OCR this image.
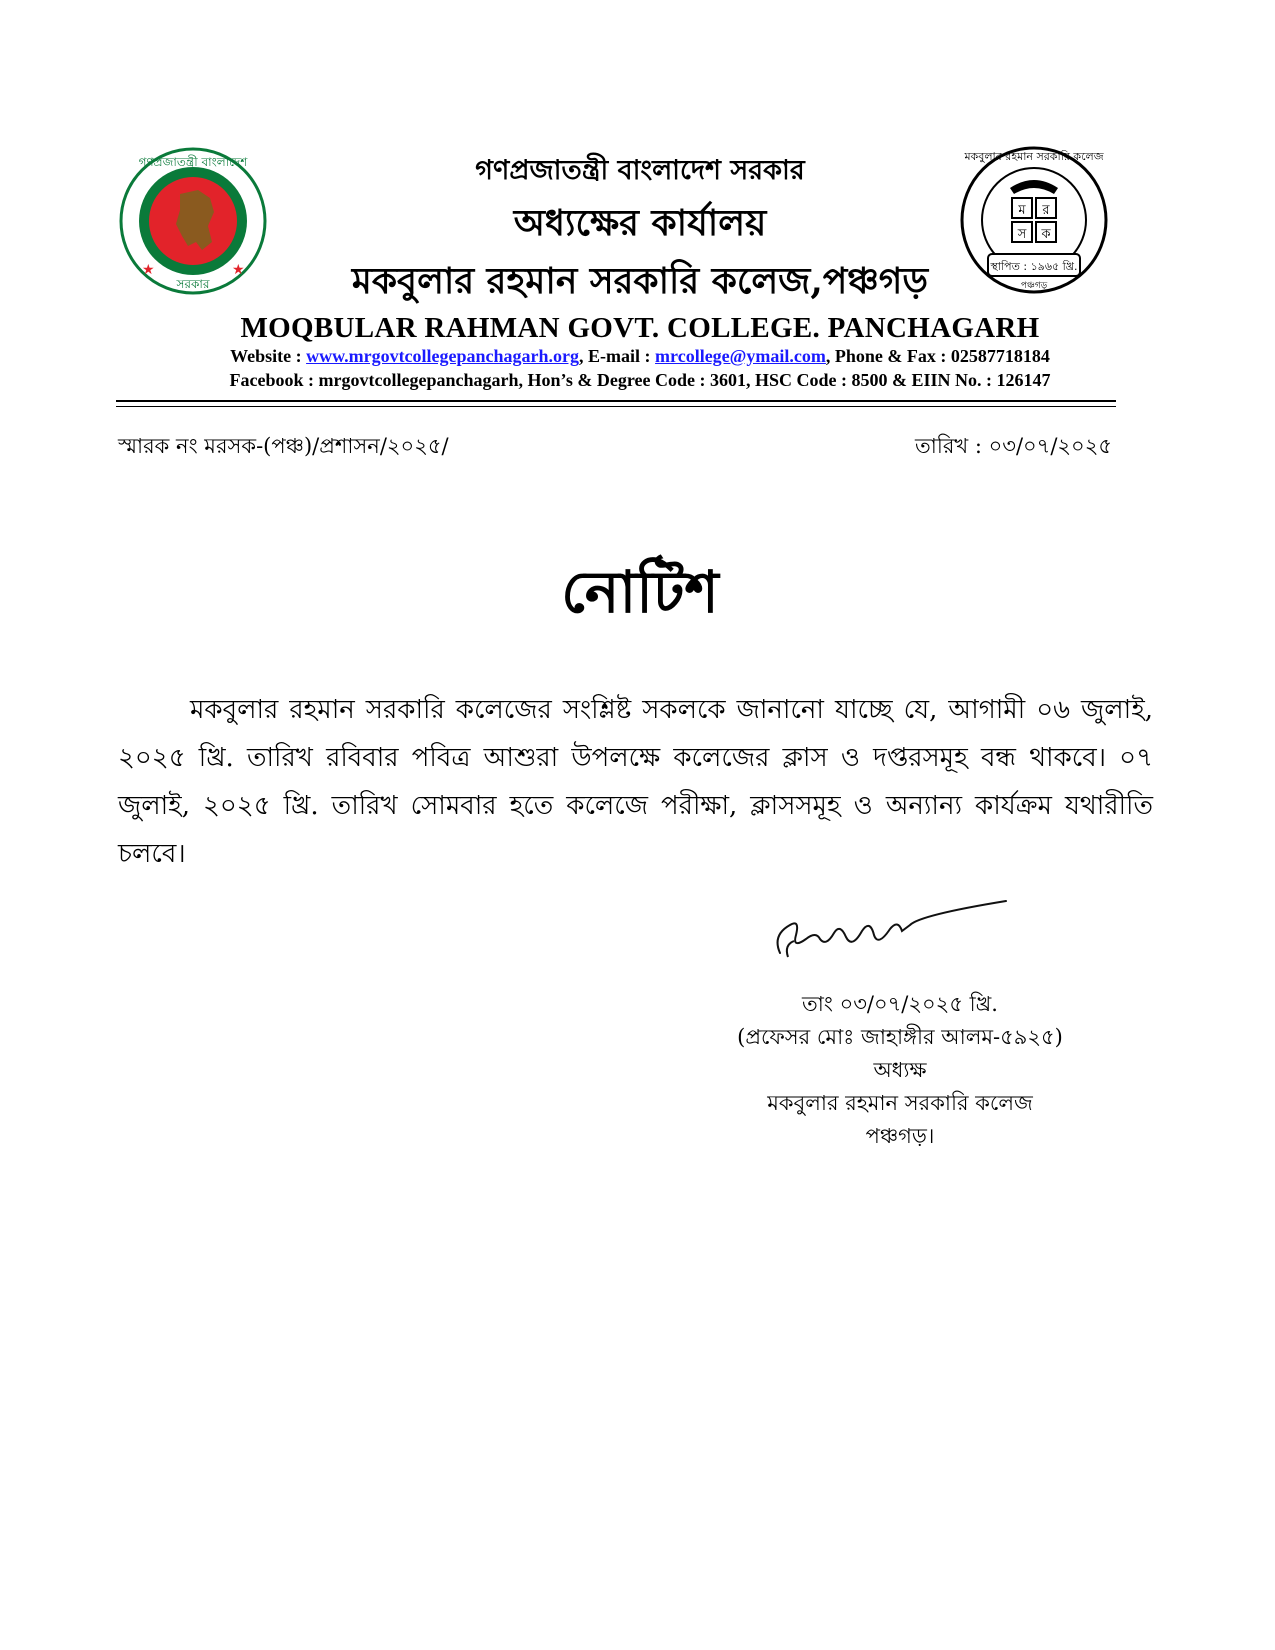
গণপ্রজাতন্ত্রী বাংলাদেশ
সরকার
★	★
মকবুলার রহমান সরকারি কলেজ
ম র
স ক
স্থাপিত : ১৯৬৫ খ্রি.
পঞ্চগড়
গণপ্রজাতন্ত্রী বাংলাদেশ সরকার
অধ্যক্ষের কার্যালয়
মকবুলার রহমান সরকারি কলেজ,পঞ্চগড়
MOQBULAR RAHMAN GOVT. COLLEGE. PANCHAGARH
Website : www.mrgovtcollegepanchagarh.org, E-mail : mrcollege@ymail.com, Phone & Fax : 02587718184
Facebook : mrgovtcollegepanchagarh, Hon’s & Degree Code : 3601, HSC Code : 8500 & EIIN No. : 126147
স্মারক নং মরসক-(পঞ্চ)/প্রশাসন/২০২৫/	তারিখ : ০৩/০৭/২০২৫
নোটিশ
মকবুলার রহমান সরকারি কলেজের সংশ্লিষ্ট সকলকে জানানো যাচ্ছে যে, আগামী ০৬ জুলাই, ২০২৫ খ্রি. তারিখ রবিবার পবিত্র আশুরা উপলক্ষে কলেজের ক্লাস ও দপ্তরসমূহ বন্ধ থাকবে। ০৭ জুলাই, ২০২৫ খ্রি. তারিখ সোমবার হতে কলেজে পরীক্ষা, ক্লাসসমূহ ও অন্যান্য কার্যক্রম যথারীতি চলবে।
তাং ০৩/০৭/২০২৫ খ্রি.
(প্রফেসর মোঃ জাহাঙ্গীর আলম-৫৯২৫)
অধ্যক্ষ
মকবুলার রহমান সরকারি কলেজ
পঞ্চগড়।
